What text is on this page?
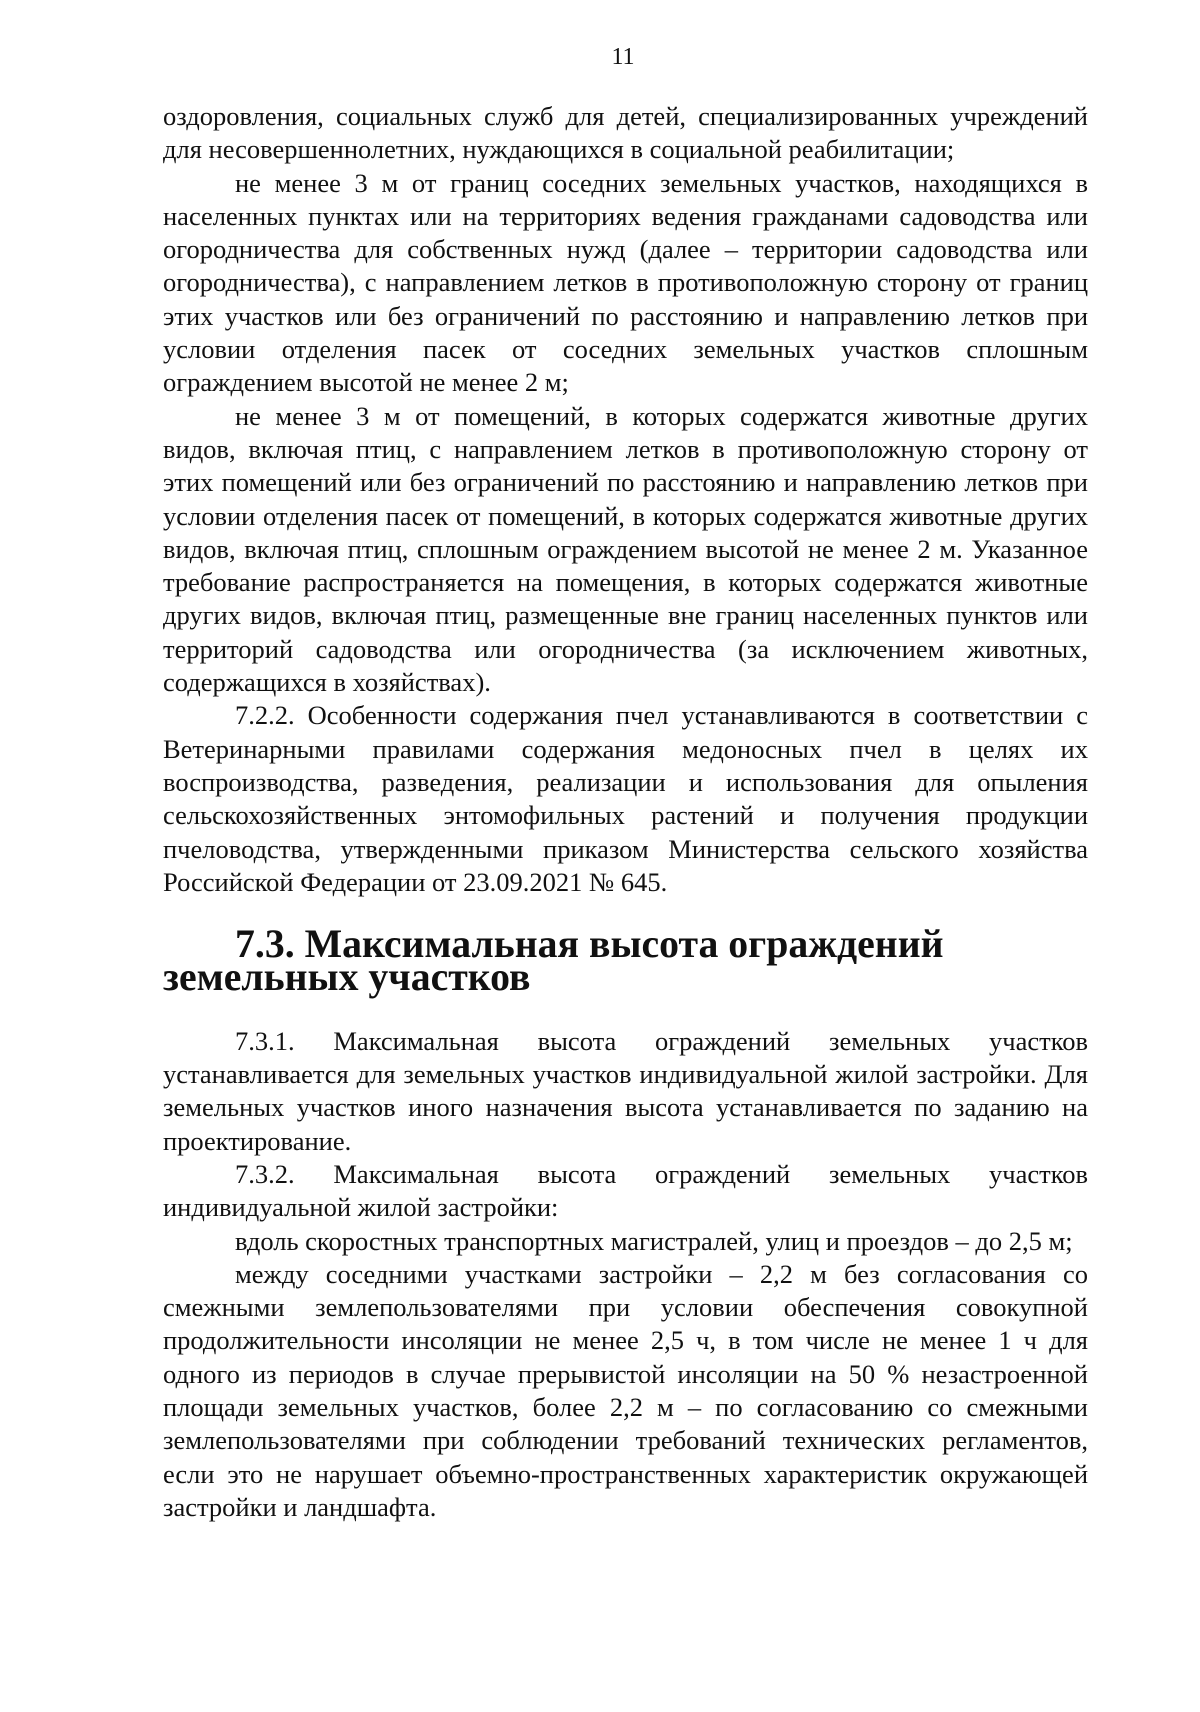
11

оздоровления, социальных служб для детей, специализированных учреждений для несовершеннолетних, нуждающихся в социальной реабилитации;

не менее 3 м от границ соседних земельных участков, находящихся в населенных пунктах или на территориях ведения гражданами садоводства или огородничества для собственных нужд (далее – территории садоводства или огородничества), с направлением летков в противоположную сторону от границ этих участков или без ограничений по расстоянию и направлению летков при условии отделения пасек от соседних земельных участков сплошным ограждением высотой не менее 2 м;

не менее 3 м от помещений, в которых содержатся животные других видов, включая птиц, с направлением летков в противоположную сторону от этих помещений или без ограничений по расстоянию и направлению летков при условии отделения пасек от помещений, в которых содержатся животные других видов, включая птиц, сплошным ограждением высотой не менее 2 м. Указанное требование распространяется на помещения, в которых содержатся животные других видов, включая птиц, размещенные вне границ населенных пунктов или территорий садоводства или огородничества (за исключением животных, содержащихся в хозяйствах).

7.2.2. Особенности содержания пчел устанавливаются в соответствии с Ветеринарными правилами содержания медоносных пчел в целях их воспроизводства, разведения, реализации и использования для опыления сельскохозяйственных энтомофильных растений и получения продукции пчеловодства, утвержденными приказом Министерства сельского хозяйства Российской Федерации от 23.09.2021 № 645.

7.3. Максимальная высота ограждений земельных участков

7.3.1. Максимальная высота ограждений земельных участков устанавливается для земельных участков индивидуальной жилой застройки. Для земельных участков иного назначения высота устанавливается по заданию на проектирование.

7.3.2. Максимальная высота ограждений земельных участков индивидуальной жилой застройки:

вдоль скоростных транспортных магистралей, улиц и проездов – до 2,5 м;

между соседними участками застройки – 2,2 м без согласования со смежными землепользователями при условии обеспечения совокупной продолжительности инсоляции не менее 2,5 ч, в том числе не менее 1 ч для одного из периодов в случае прерывистой инсоляции на 50 % незастроенной площади земельных участков, более 2,2 м – по согласованию со смежными землепользователями при соблюдении требований технических регламентов, если это не нарушает объемно-пространственных характеристик окружающей застройки и ландшафта.
